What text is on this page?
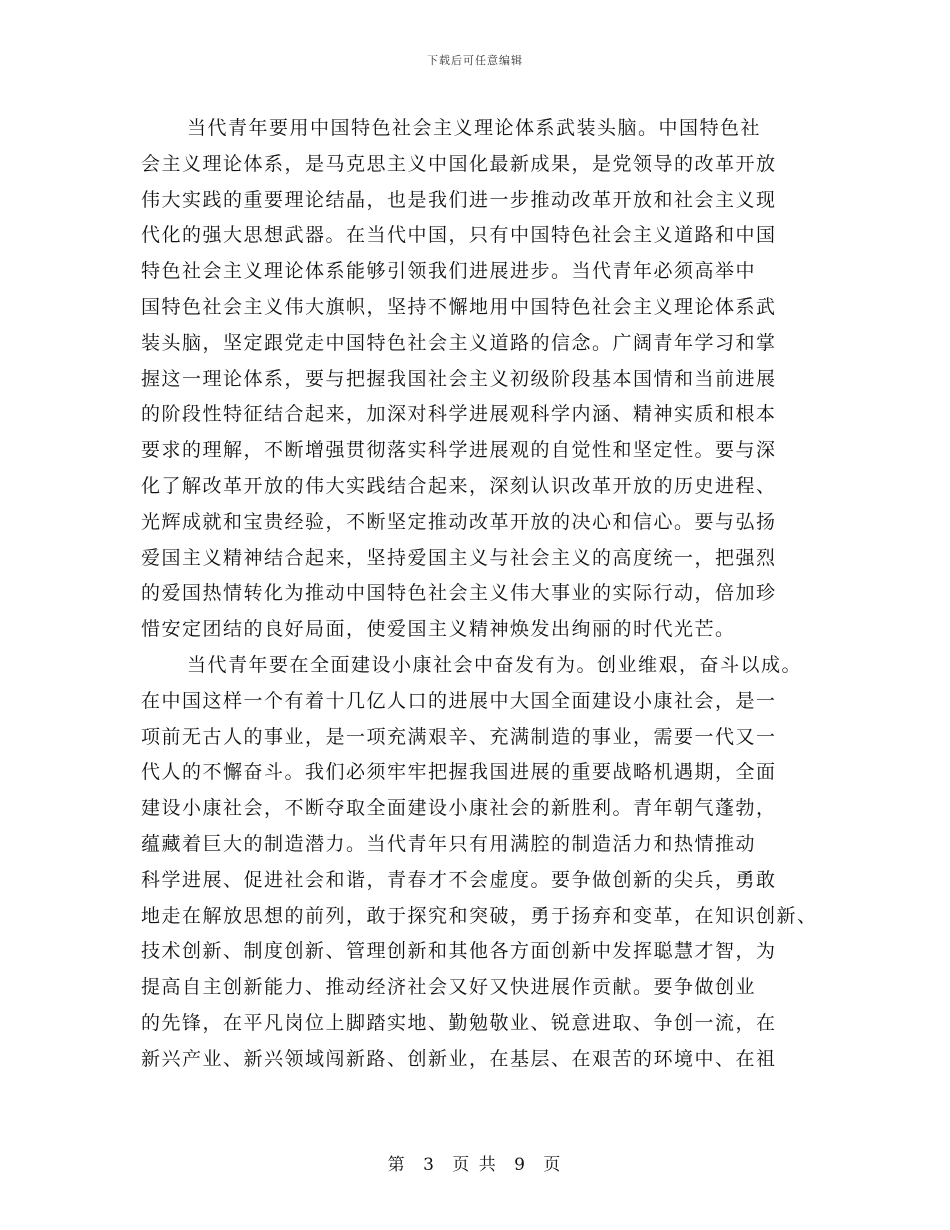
下载后可任意编辑
当代青年要用中国特色社会主义理论体系武装头脑。中国特色社
会主义理论体系，是马克思主义中国化最新成果，是党领导的改革开放
伟大实践的重要理论结晶，也是我们进一步推动改革开放和社会主义现
代化的强大思想武器。在当代中国，只有中国特色社会主义道路和中国
特色社会主义理论体系能够引领我们进展进步。当代青年必须高举中
国特色社会主义伟大旗帜，坚持不懈地用中国特色社会主义理论体系武
装头脑，坚定跟党走中国特色社会主义道路的信念。广阔青年学习和掌
握这一理论体系，要与把握我国社会主义初级阶段基本国情和当前进展
的阶段性特征结合起来，加深对科学进展观科学内涵、精神实质和根本
要求的理解，不断增强贯彻落实科学进展观的自觉性和坚定性。要与深
化了解改革开放的伟大实践结合起来，深刻认识改革开放的历史进程、
光辉成就和宝贵经验，不断坚定推动改革开放的决心和信心。要与弘扬
爱国主义精神结合起来，坚持爱国主义与社会主义的高度统一，把强烈
的爱国热情转化为推动中国特色社会主义伟大事业的实际行动，倍加珍
惜安定团结的良好局面，使爱国主义精神焕发出绚丽的时代光芒。
当代青年要在全面建设小康社会中奋发有为。创业维艰，奋斗以成。
在中国这样一个有着十几亿人口的进展中大国全面建设小康社会，是一
项前无古人的事业，是一项充满艰辛、充满制造的事业，需要一代又一
代人的不懈奋斗。我们必须牢牢把握我国进展的重要战略机遇期，全面
建设小康社会，不断夺取全面建设小康社会的新胜利。青年朝气蓬勃，
蕴藏着巨大的制造潜力。当代青年只有用满腔的制造活力和热情推动
科学进展、促进社会和谐，青春才不会虚度。要争做创新的尖兵，勇敢
地走在解放思想的前列，敢于探究和突破，勇于扬弃和变革，在知识创新、
技术创新、制度创新、管理创新和其他各方面创新中发挥聪慧才智，为
提高自主创新能力、推动经济社会又好又快进展作贡献。要争做创业
的先锋，在平凡岗位上脚踏实地、勤勉敬业、锐意进取、争创一流，在
新兴产业、新兴领域闯新路、创新业，在基层、在艰苦的环境中、在祖
第 3 页 共 9 页
